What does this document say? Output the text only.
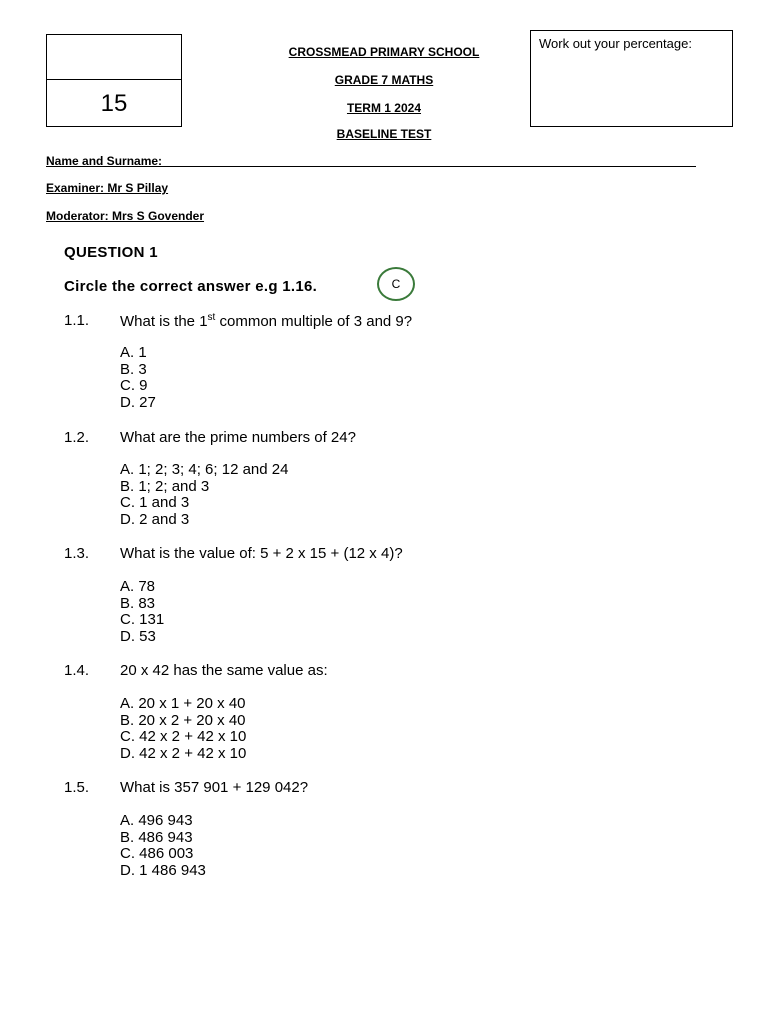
15
Work out your percentage:
CROSSMEAD PRIMARY SCHOOL
GRADE 7 MATHS
TERM 1 2024
BASELINE TEST
Name and Surname:
Examiner: Mr S Pillay
Moderator: Mrs S Govender
QUESTION 1
Circle the correct answer e.g 1.16.	C
1.1. What is the 1st common multiple of 3 and 9?
A. 1
B. 3
C. 9
D. 27
1.2. What are the prime numbers of 24?
A. 1; 2; 3; 4; 6; 12 and 24
B. 1; 2; and 3
C. 1 and 3
D. 2 and 3
1.3. What is the value of: 5 + 2 x 15 + (12 x 4)?
A. 78
B. 83
C. 131
D. 53
1.4. 20 x 42 has the same value as:
A. 20 x 1 + 20 x 40
B. 20 x 2 + 20 x 40
C. 42 x 2 + 42 x 10
D. 42 x 2 + 42 x 10
1.5. What is 357 901 + 129 042?
A. 496 943
B. 486 943
C. 486 003
D. 1 486 943
